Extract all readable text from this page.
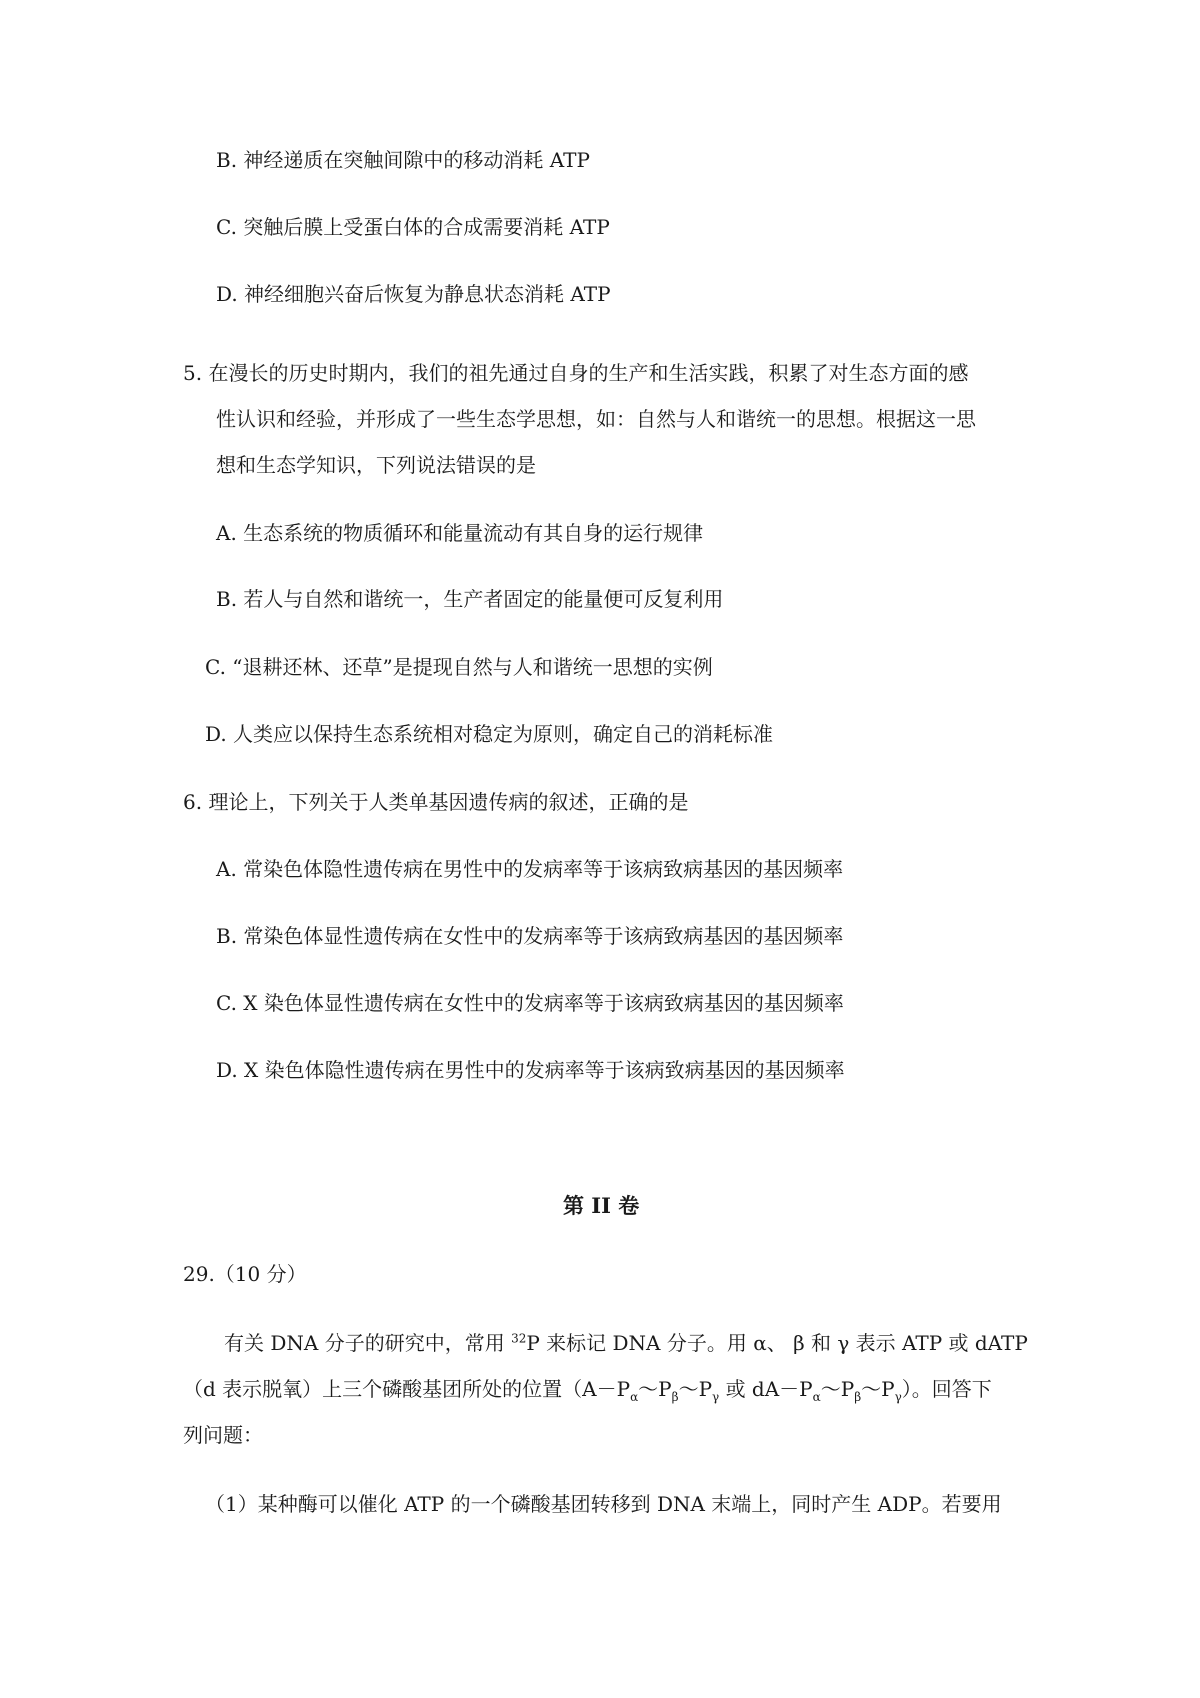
B. 神经递质在突触间隙中的移动消耗 ATP
C. 突触后膜上受蛋白体的合成需要消耗 ATP
D. 神经细胞兴奋后恢复为静息状态消耗 ATP
5. 在漫长的历史时期内，我们的祖先通过自身的生产和生活实践，积累了对生态方面的感
性认识和经验，并形成了一些生态学思想，如：自然与人和谐统一的思想。根据这一思
想和生态学知识，下列说法错误的是
A. 生态系统的物质循环和能量流动有其自身的运行规律
B. 若人与自然和谐统一，生产者固定的能量便可反复利用
C. “退耕还林、还草”是提现自然与人和谐统一思想的实例
D. 人类应以保持生态系统相对稳定为原则，确定自己的消耗标准
6. 理论上，下列关于人类单基因遗传病的叙述，正确的是
A. 常染色体隐性遗传病在男性中的发病率等于该病致病基因的基因频率
B. 常染色体显性遗传病在女性中的发病率等于该病致病基因的基因频率
C. X 染色体显性遗传病在女性中的发病率等于该病致病基因的基因频率
D. X 染色体隐性遗传病在男性中的发病率等于该病致病基因的基因频率
第 II 卷
29.（10 分）
有关 DNA 分子的研究中，常用 $^{32}$P 来标记 DNA 分子。用 α、 β 和 γ 表示 ATP 或 dATP
（d 表示脱氧）上三个磷酸基团所处的位置（$A-P_\alpha\sim P_\beta\sim P_\gamma$ 或 $dA-P_\alpha\sim P_\beta\sim P_\gamma$）。回答下
列问题：
（1）某种酶可以催化 ATP 的一个磷酸基团转移到 DNA 末端上，同时产生 ADP。若要用
